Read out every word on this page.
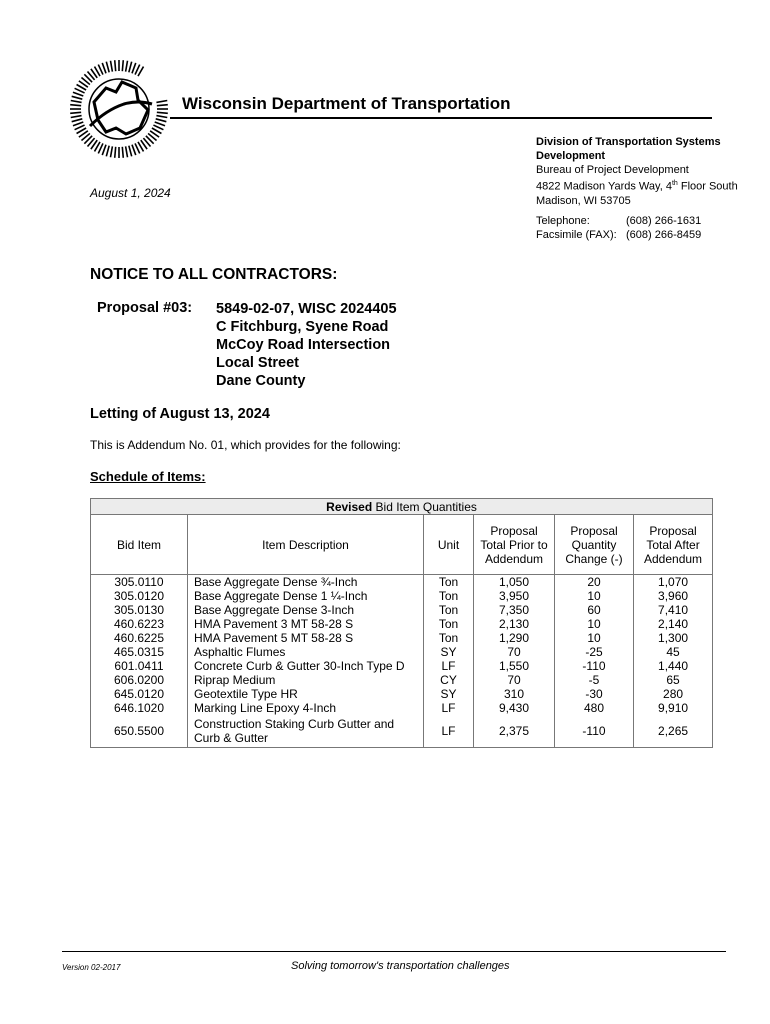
Wisconsin Department of Transportation
Division of Transportation Systems
Development
Bureau of Project Development
4822 Madison Yards Way, 4th Floor South
Madison, WI 53705
Telephone:	(608) 266-1631
Facsimile (FAX): (608) 266-8459
August 1, 2024
NOTICE TO ALL CONTRACTORS:
Proposal #03: 5849-02-07, WISC 2024405
C Fitchburg, Syene Road
McCoy Road Intersection
Local Street
Dane County
Letting of August 13, 2024
This is Addendum No. 01, which provides for the following:
Schedule of Items:
Revised Bid Item Quantities					
Bid Item	Item Description	Unit	Proposal Total Prior to Addendum	Proposal Quantity Change (-)	Proposal Total After Addendum
305.0110	Base Aggregate Dense ¾-Inch	Ton	1,050	20	1,070
305.0120	Base Aggregate Dense 1 ¼-Inch	Ton	3,950	10	3,960
305.0130	Base Aggregate Dense 3-Inch	Ton	7,350	60	7,410
460.6223	HMA Pavement 3 MT 58-28 S	Ton	2,130	10	2,140
460.6225	HMA Pavement 5 MT 58-28 S	Ton	1,290	10	1,300
465.0315	Asphaltic Flumes	SY	70	-25	45
601.0411	Concrete Curb & Gutter 30-Inch Type D	LF	1,550	-110	1,440
606.0200	Riprap Medium	CY	70	-5	65
645.0120	Geotextile Type HR	SY	310	-30	280
646.1020	Marking Line Epoxy 4-Inch	LF	9,430	480	9,910
650.5500	Construction Staking Curb Gutter and Curb & Gutter	LF	2,375	-110	2,265
Version 02-2017	Solving tomorrow's transportation challenges
